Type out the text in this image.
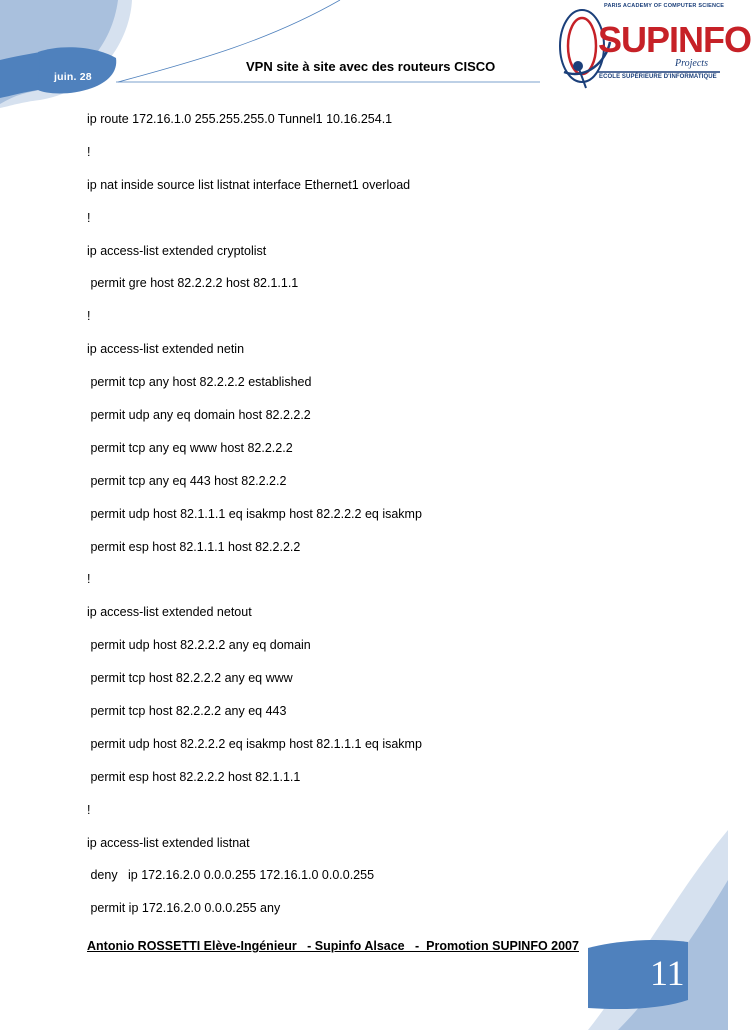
juin. 28
VPN site à site avec des routeurs CISCO
PARIS ACADEMY OF COMPUTER SCIENCE
SUPINFO
Projects
ECOLE SUPÉRIEURE D'INFORMATIQUE
ip route 172.16.1.0 255.255.255.0 Tunnel1 10.16.254.1
!
ip nat inside source list listnat interface Ethernet1 overload
!
ip access-list extended cryptolist
permit gre host 82.2.2.2 host 82.1.1.1
!
ip access-list extended netin
permit tcp any host 82.2.2.2 established
permit udp any eq domain host 82.2.2.2
permit tcp any eq www host 82.2.2.2
permit tcp any eq 443 host 82.2.2.2
permit udp host 82.1.1.1 eq isakmp host 82.2.2.2 eq isakmp
permit esp host 82.1.1.1 host 82.2.2.2
!
ip access-list extended netout
permit udp host 82.2.2.2 any eq domain
permit tcp host 82.2.2.2 any eq www
permit tcp host 82.2.2.2 any eq 443
permit udp host 82.2.2.2 eq isakmp host 82.1.1.1 eq isakmp
permit esp host 82.2.2.2 host 82.1.1.1
!
ip access-list extended listnat
deny   ip 172.16.2.0 0.0.0.255 172.16.1.0 0.0.0.255
permit ip 172.16.2.0 0.0.0.255 any
Antonio ROSSETTI Elève-Ingénieur   - Supinfo Alsace   -  Promotion SUPINFO 2007
11
